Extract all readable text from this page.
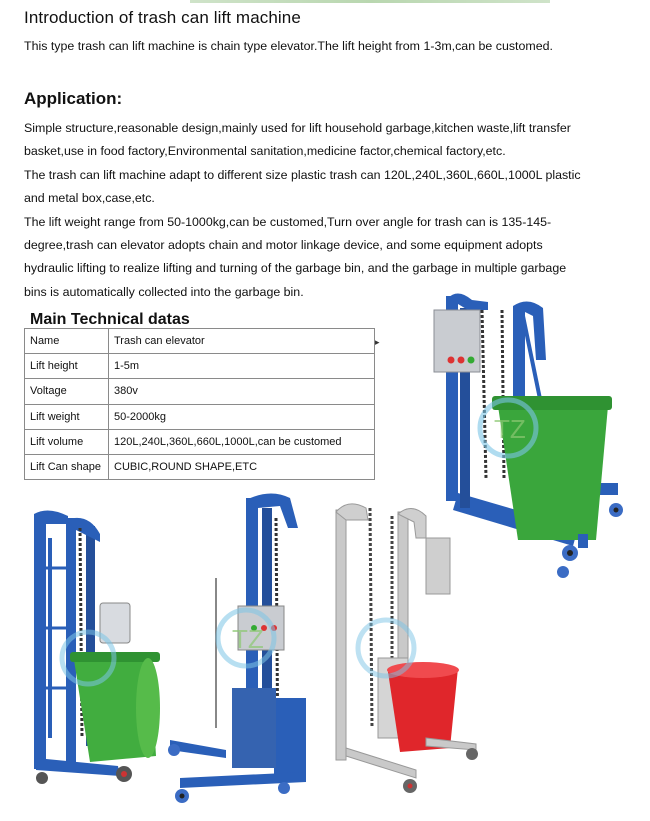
Introduction of trash can lift machine

This type trash can lift machine is chain type elevator.The lift height from 1-3m,can be customed.

Application:

Simple structure,reasonable design,mainly used for lift household garbage,kitchen waste,lift transfer basket,use in food factory,Environmental sanitation,medicine factor,chemical factory,etc.

The trash can lift machine adapt to different size plastic trash can 120L,240L,360L,660L,1000L plastic and metal box,case,etc.

The lift weight range from 50-1000kg,can be customed,Turn over angle for trash can is 135-145-degree,trash can elevator adopts chain and motor linkage device, and some equipment adopts hydraulic lifting to realize lifting and turning of the garbage bin, and the garbage in multiple garbage bins is automatically collected into the garbage bin.

Main Technical datas
Name	Trash can elevator
Lift height	1-5m
Voltage	380v
Lift weight	50-2000kg
Lift volume	120L,240L,360L,660L,1000L,can be customed
Lift Can shape	CUBIC,ROUND SHAPE,ETC
▸
TZ
TZ
